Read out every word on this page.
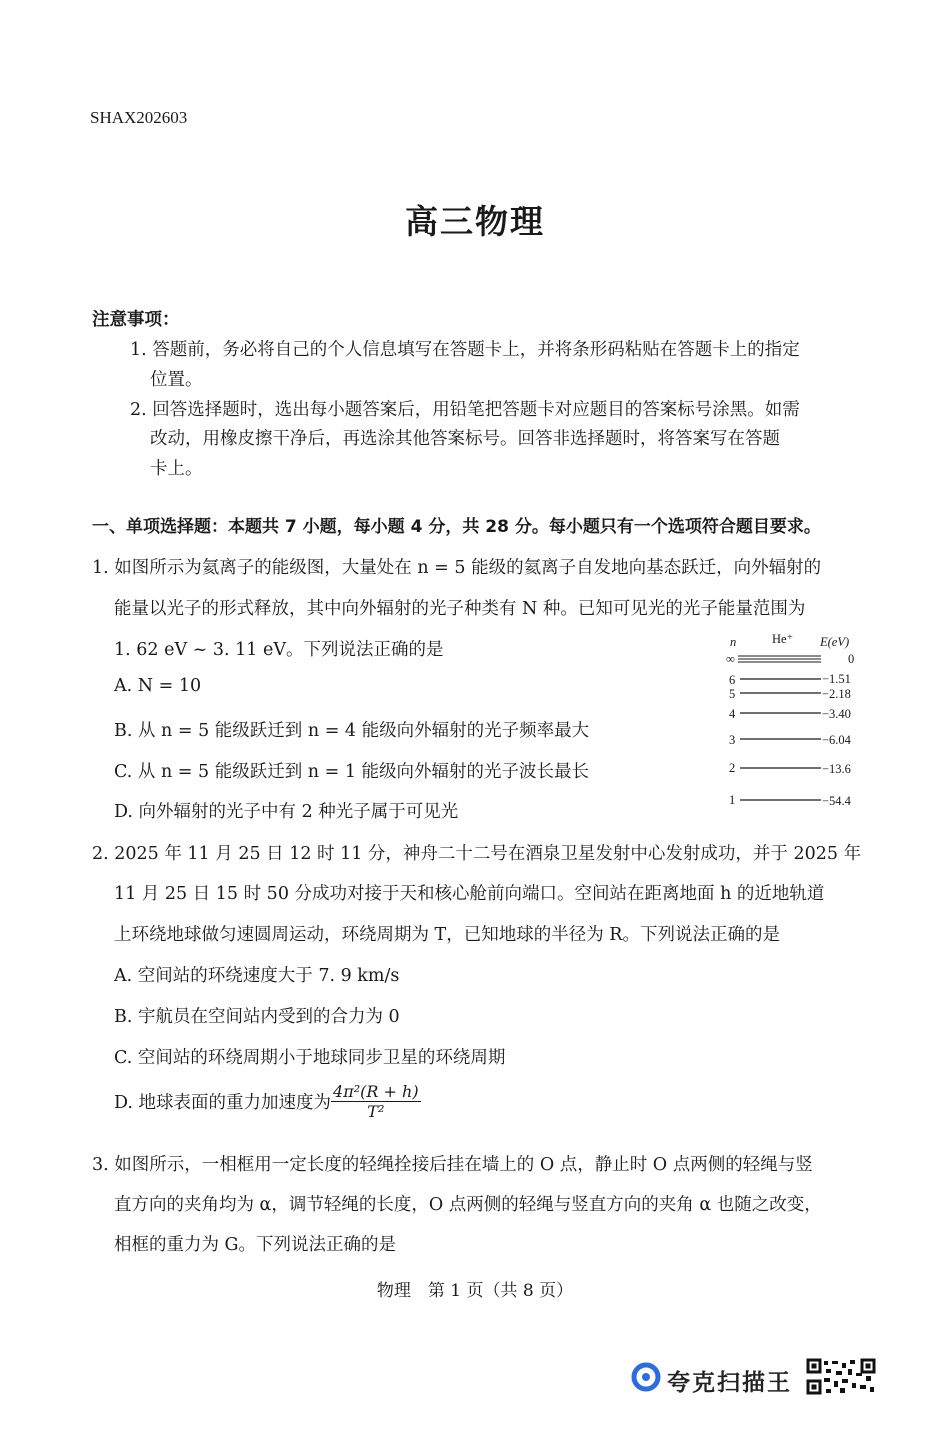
SHAX202603
高三物理
注意事项：
1. 答题前，务必将自己的个人信息填写在答题卡上，并将条形码粘贴在答题卡上的指定
位置。
2. 回答选择题时，选出每小题答案后，用铅笔把答题卡对应题目的答案标号涂黑。如需
改动，用橡皮擦干净后，再选涂其他答案标号。回答非选择题时，将答案写在答题
卡上。
一、单项选择题：本题共 7 小题，每小题 4 分，共 28 分。每小题只有一个选项符合题目要求。
1. 如图所示为氦离子的能级图，大量处在 n = 5 能级的氦离子自发地向基态跃迁，向外辐射的
能量以光子的形式释放，其中向外辐射的光子种类有 N 种。已知可见光的光子能量范围为
1. 62 eV ~ 3. 11 eV。下列说法正确的是
A. N = 10
B. 从 n = 5 能级跃迁到 n = 4 能级向外辐射的光子频率最大
C. 从 n = 5 能级跃迁到 n = 1 能级向外辐射的光子波长最长
D. 向外辐射的光子中有 2 种光子属于可见光
n	He⁺ E(eV)
∞	0
6	−1.51
5	−2.18
4	−3.40
3	−6.04
2	−13.6
1	−54.4
2. 2025 年 11 月 25 日 12 时 11 分，神舟二十二号在酒泉卫星发射中心发射成功，并于 2025 年
11 月 25 日 15 时 50 分成功对接于天和核心舱前向端口。空间站在距离地面 h 的近地轨道
上环绕地球做匀速圆周运动，环绕周期为 T，已知地球的半径为 R。下列说法正确的是
A. 空间站的环绕速度大于 7. 9 km/s
B. 宇航员在空间站内受到的合力为 0
C. 空间站的环绕周期小于地球同步卫星的环绕周期
D. 地球表面的重力加速度为 $\frac{\text{4π²(R + h)}}{\text{T²}}$
3. 如图所示，一相框用一定长度的轻绳拴接后挂在墙上的 O 点，静止时 O 点两侧的轻绳与竖
直方向的夹角均为 α，调节轻绳的长度，O 点两侧的轻绳与竖直方向的夹角 α 也随之改变，
相框的重力为 G。下列说法正确的是
物理　第 1 页（共 8 页）
夸克扫描王
